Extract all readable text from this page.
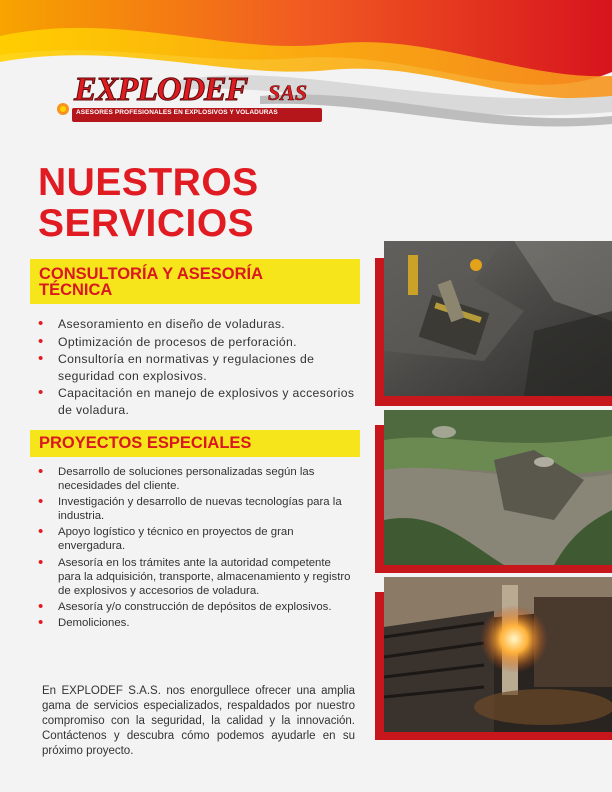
EXPLODEF SAS
ASESORES PROFESIONALES EN EXPLOSIVOS Y VOLADURAS
NUESTROS
SERVICIOS
CONSULTORÍA Y ASESORÍA
TÉCNICA
• Asesoramiento en diseño de voladuras.
• Optimización de procesos de perforación.
• Consultoría en normativas y regulaciones de seguridad con explosivos.
• Capacitación en manejo de explosivos y accesorios de voladura.
PROYECTOS ESPECIALES
• Desarrollo de soluciones personalizadas según las necesidades del cliente.
• Investigación y desarrollo de nuevas tecnologías para la industria.
• Apoyo logístico y técnico en proyectos de gran envergadura.
• Asesoría en los trámites ante la autoridad competente para la adquisición, transporte, almacenamiento y registro de explosivos y accesorios de voladura.
• Asesoría y/o construcción de depósitos de explosivos.
• Demoliciones.

En EXPLODEF S.A.S. nos enorgullece ofrecer una amplia gama de servicios especializados, respaldados por nuestro compromiso con la seguridad, la calidad y la innovación. Contáctenos y descubra cómo podemos ayudarle en su próximo proyecto.
